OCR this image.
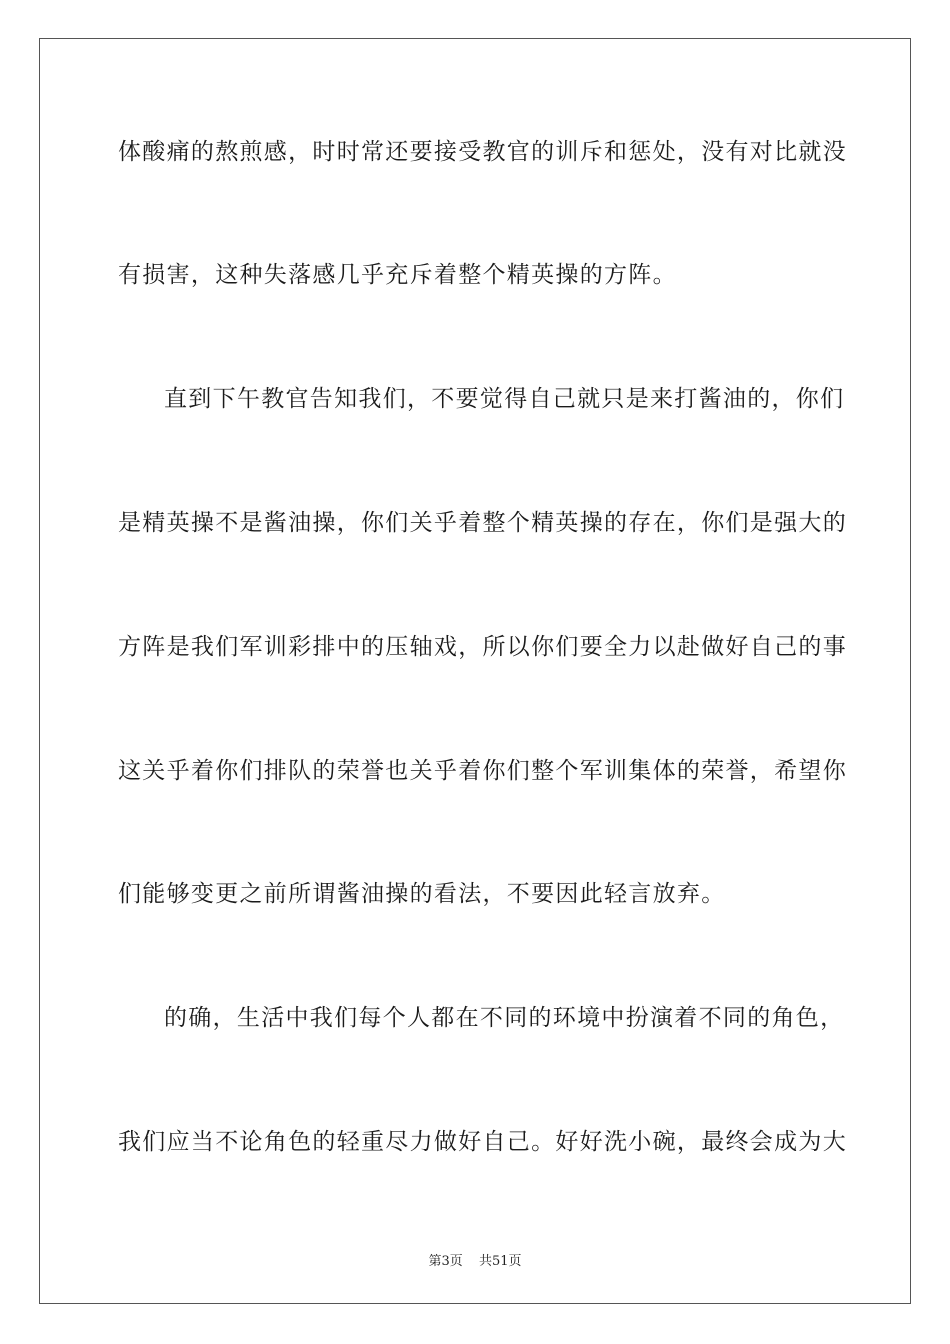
体酸痛的熬煎感，时时常还要接受教官的训斥和惩处，没有对比就没
有损害，这种失落感几乎充斥着整个精英操的方阵。
直到下午教官告知我们，不要觉得自己就只是来打酱油的，你们
是精英操不是酱油操，你们关乎着整个精英操的存在，你们是强大的
方阵是我们军训彩排中的压轴戏，所以你们要全力以赴做好自己的事
这关乎着你们排队的荣誉也关乎着你们整个军训集体的荣誉，希望你
们能够变更之前所谓酱油操的看法，不要因此轻言放弃。
的确，生活中我们每个人都在不同的环境中扮演着不同的角色，
我们应当不论角色的轻重尽力做好自己。好好洗小碗，最终会成为大
第3页 共51页
